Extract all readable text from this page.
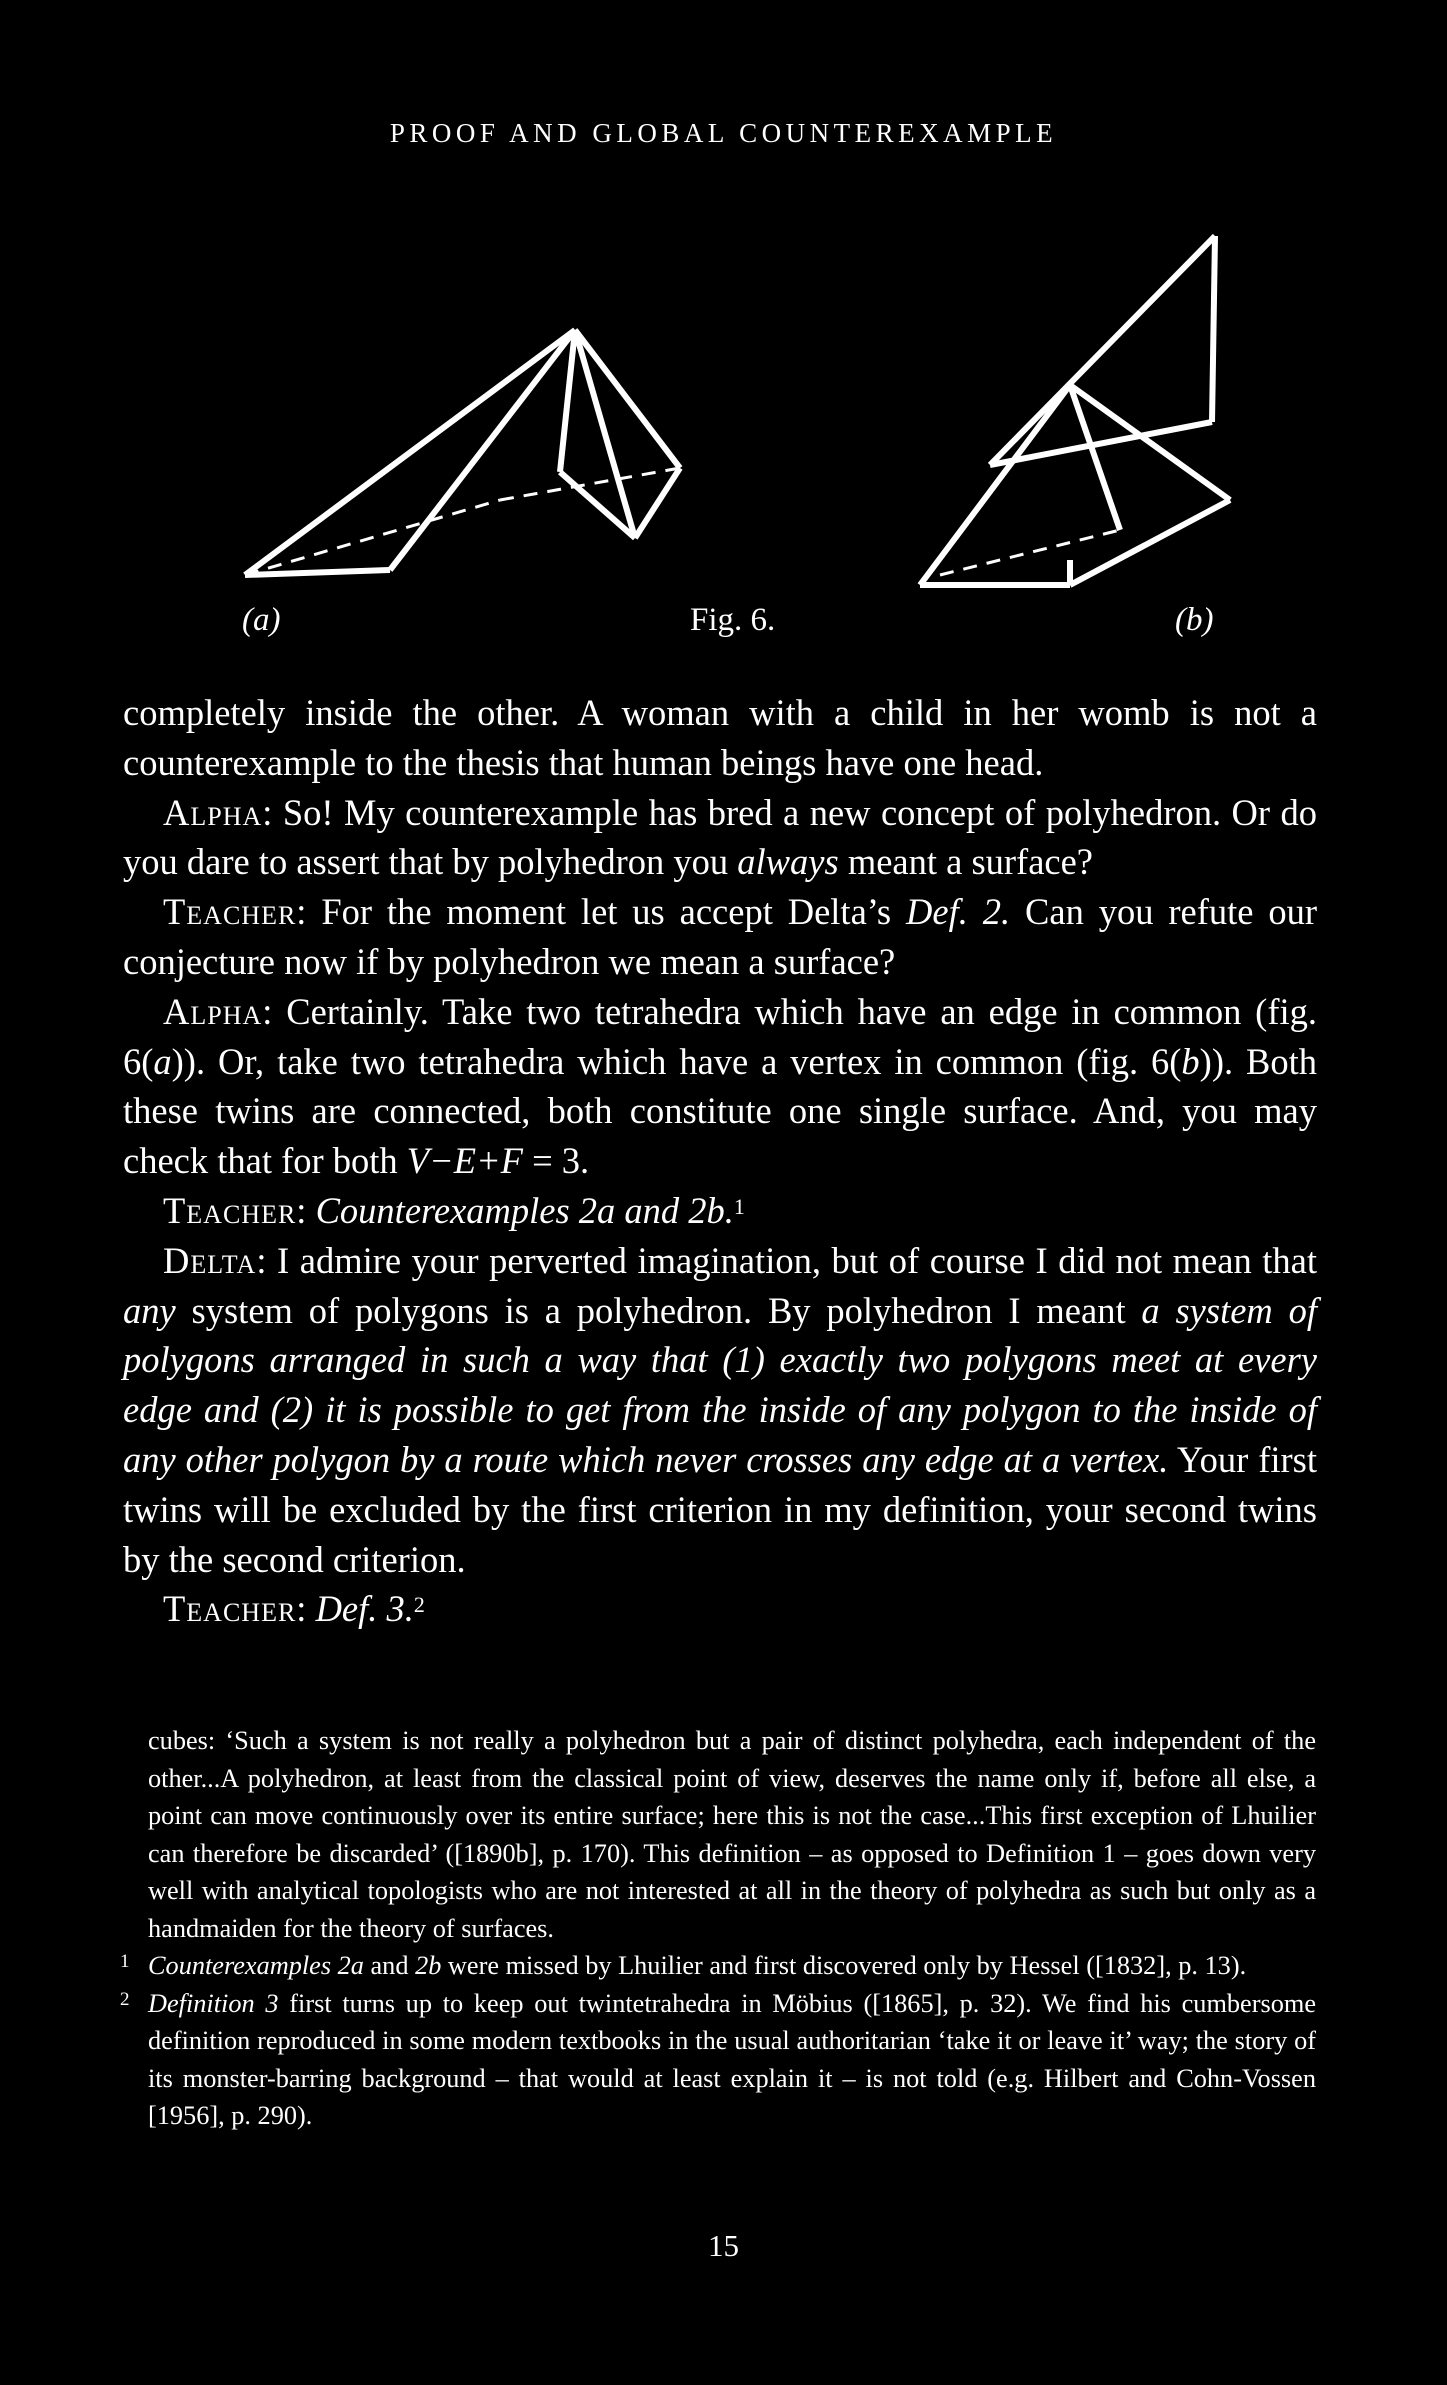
PROOF AND GLOBAL COUNTEREXAMPLE
(a)	Fig. 6.	(b)

completely inside the other. A woman with a child in her womb is not a counterexample to the thesis that human beings have one head.

Alpha: So! My counterexample has bred a new concept of polyhedron. Or do you dare to assert that by polyhedron you always meant a surface?

Teacher: For the moment let us accept Delta’s Def. 2. Can you refute our conjecture now if by polyhedron we mean a surface?

Alpha: Certainly. Take two tetrahedra which have an edge in common (fig. 6(a)). Or, take two tetrahedra which have a vertex in common (fig. 6(b)). Both these twins are connected, both constitute one single surface. And, you may check that for both V−E+F = 3.

Teacher: Counterexamples 2a and 2b.$^1$

Delta: I admire your perverted imagination, but of course I did not mean that any system of polygons is a polyhedron. By polyhedron I meant a system of polygons arranged in such a way that (1) exactly two polygons meet at every edge and (2) it is possible to get from the inside of any polygon to the inside of any other polygon by a route which never crosses any edge at a vertex. Your first twins will be excluded by the first criterion in my definition, your second twins by the second criterion.

Teacher: Def. 3.$^2$

cubes: ‘Such a system is not really a polyhedron but a pair of distinct polyhedra, each independent of the other...A polyhedron, at least from the classical point of view, deserves the name only if, before all else, a point can move continuously over its entire surface; here this is not the case...This first exception of Lhuilier can therefore be discarded’ ([1890b], p. 170). This definition – as opposed to Definition 1 – goes down very well with analytical topologists who are not interested at all in the theory of polyhedra as such but only as a handmaiden for the theory of surfaces.

1 Counterexamples 2a and 2b were missed by Lhuilier and first discovered only by Hessel ([1832], p. 13).

2 Definition 3 first turns up to keep out twintetrahedra in Möbius ([1865], p. 32). We find his cumbersome definition reproduced in some modern textbooks in the usual authoritarian ‘take it or leave it’ way; the story of its monster-barring background – that would at least explain it – is not told (e.g. Hilbert and Cohn-Vossen [1956], p. 290).

15
